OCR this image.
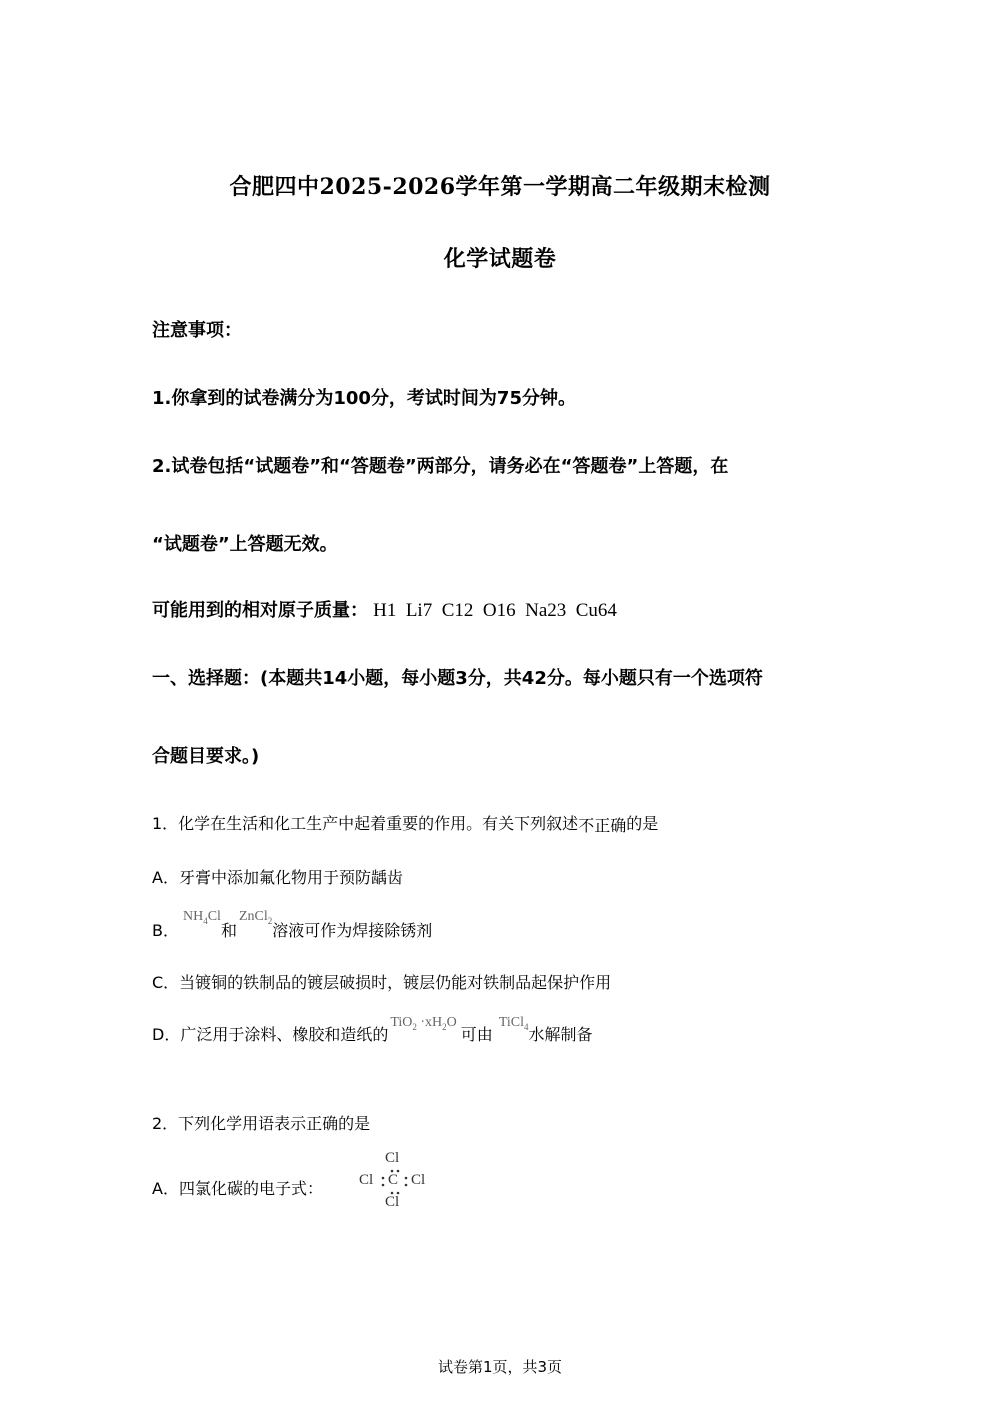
合肥四中2025-2026学年第一学期高二年级期末检测
化学试题卷
注意事项：
1.你拿到的试卷满分为100分，考试时间为75分钟。
2.试卷包括“试题卷”和“答题卷”两部分，请务必在“答题卷”上答题，在
“试题卷”上答题无效。
可能用到的相对原子质量： H1  Li7  C12  O16  Na23  Cu64
一、选择题：(本题共14小题，每小题3分，共42分。每小题只有一个选项符
合题目要求。)
1．化学在生活和化工生产中起着重要的作用。有关下列叙述不正确的是
A．牙膏中添加氟化物用于预防龋齿
B．$NH_4Cl$和ZnCl$_2$溶液可作为焊接除锈剂
C．当镀铜的铁制品的镀层破损时，镀层仍能对铁制品起保护作用
D．广泛用于涂料、橡胶和造纸的$TiO_2 \cdot xH_2O$可由TiCl$_4$水解制备
2．下列化学用语表示正确的是
A．四氯化碳的电子式：
Cl
Cl C Cl
Cl
试卷第1页，共3页
